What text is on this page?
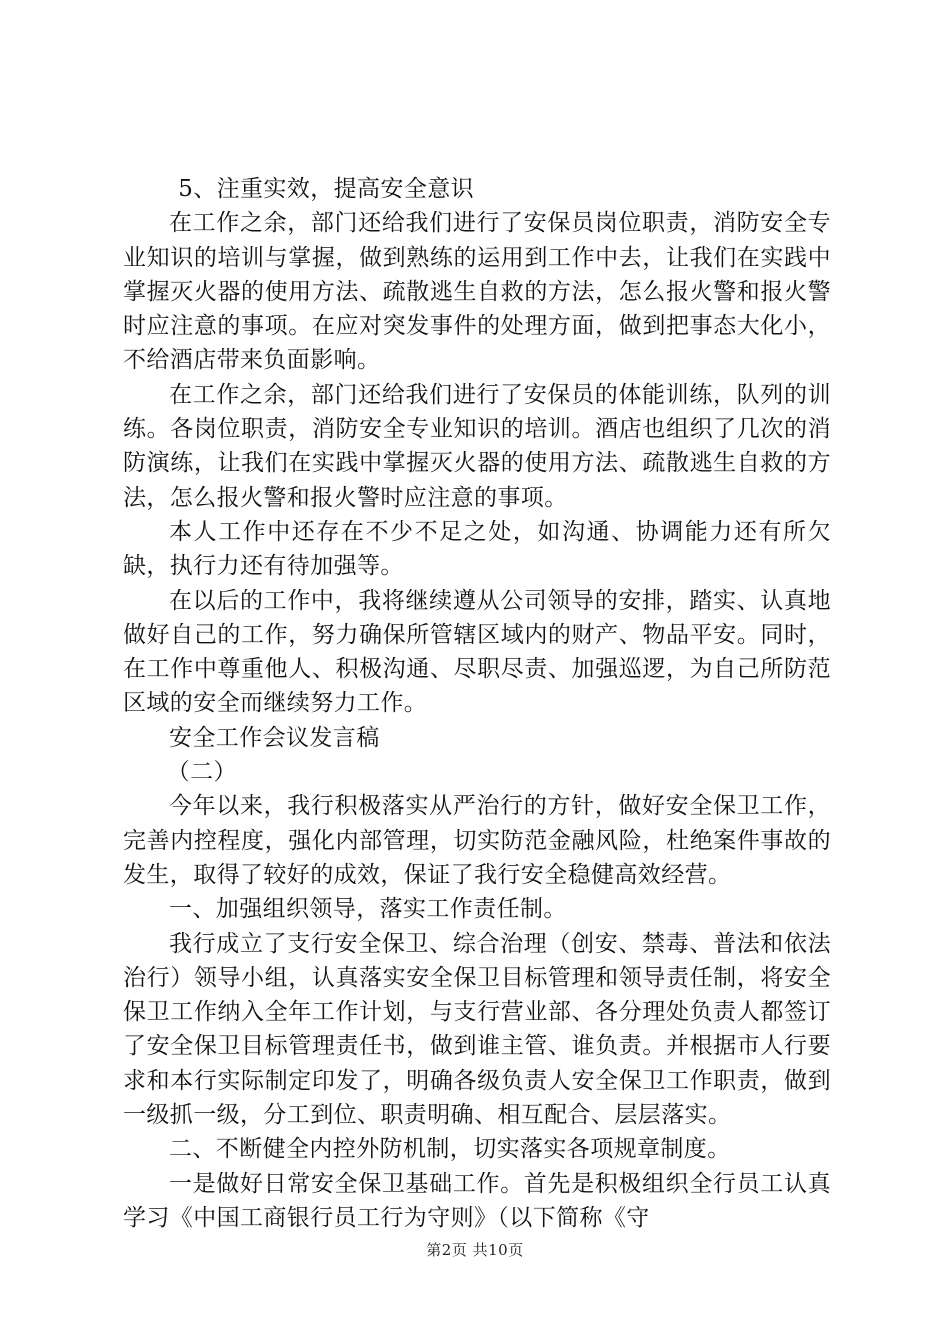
5、注重实效，提高安全意识

在工作之余，部门还给我们进行了安保员岗位职责，消防安全专业知识的培训与掌握，做到熟练的运用到工作中去，让我们在实践中掌握灭火器的使用方法、疏散逃生自救的方法，怎么报火警和报火警时应注意的事项。在应对突发事件的处理方面，做到把事态大化小，不给酒店带来负面影响。

在工作之余，部门还给我们进行了安保员的体能训练，队列的训练。各岗位职责，消防安全专业知识的培训。酒店也组织了几次的消防演练，让我们在实践中掌握灭火器的使用方法、疏散逃生自救的方法，怎么报火警和报火警时应注意的事项。

本人工作中还存在不少不足之处，如沟通、协调能力还有所欠缺，执行力还有待加强等。

在以后的工作中，我将继续遵从公司领导的安排，踏实、认真地做好自己的工作，努力确保所管辖区域内的财产、物品平安。同时，在工作中尊重他人、积极沟通、尽职尽责、加强巡逻，为自己所防范区域的安全而继续努力工作。

安全工作会议发言稿

（二）

今年以来，我行积极落实从严治行的方针，做好安全保卫工作，完善内控程度，强化内部管理，切实防范金融风险，杜绝案件事故的发生，取得了较好的成效，保证了我行安全稳健高效经营。

一、加强组织领导，落实工作责任制。

我行成立了支行安全保卫、综合治理（创安、禁毒、普法和依法治行）领导小组，认真落实安全保卫目标管理和领导责任制，将安全保卫工作纳入全年工作计划，与支行营业部、各分理处负责人都签订了安全保卫目标管理责任书，做到谁主管、谁负责。并根据市人行要求和本行实际制定印发了，明确各级负责人安全保卫工作职责，做到一级抓一级，分工到位、职责明确、相互配合、层层落实。

二、不断健全内控外防机制，切实落实各项规章制度。

一是做好日常安全保卫基础工作。首先是积极组织全行员工认真学习《中国工商银行员工行为守则》（以下简称《守

第2页 共10页
